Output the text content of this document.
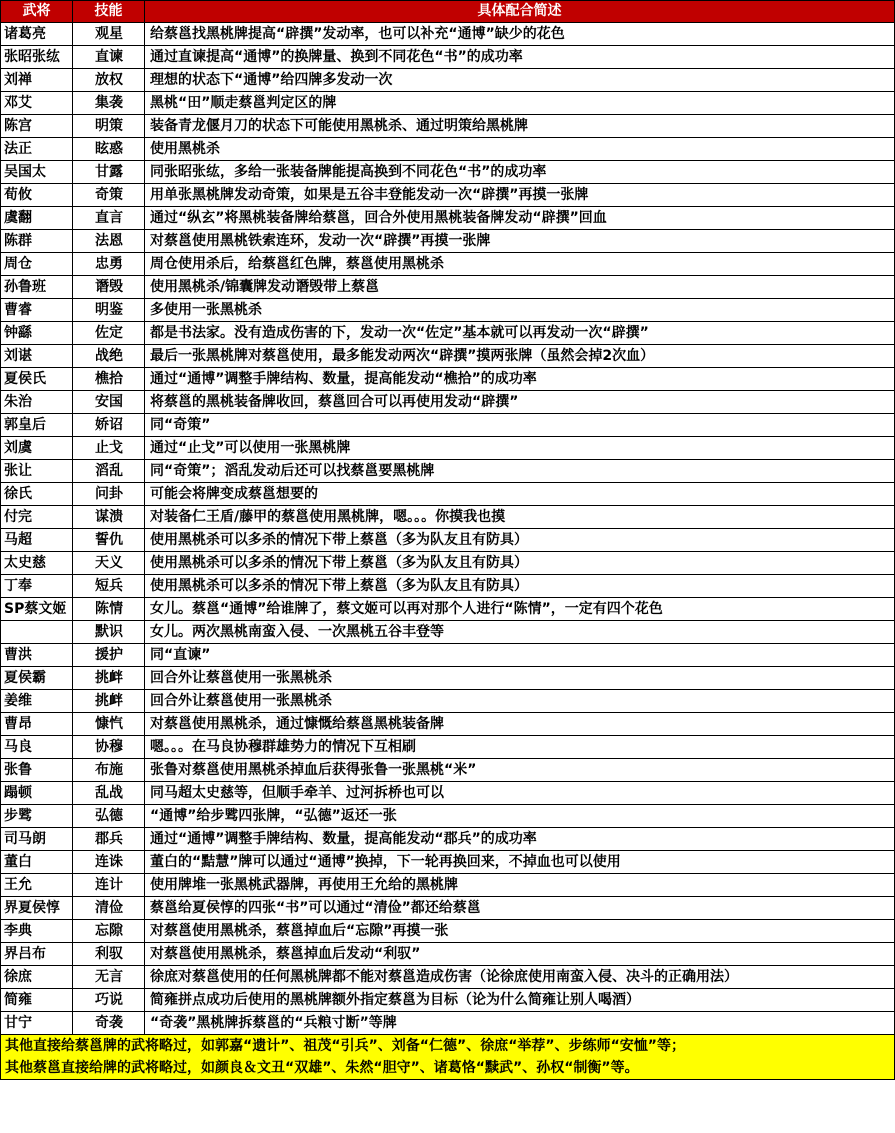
武将	技能	具体配合简述
诸葛亮	观星	给蔡邕找黑桃牌提高“辟撰”发动率，也可以补充“通博”缺少的花色
张昭张纮	直谏	通过直谏提高“通博”的换牌量、换到不同花色“书”的成功率
刘禅	放权	理想的状态下“通博”给四牌多发动一次
邓艾	集袭	黑桃“田”顺走蔡邕判定区的牌
陈宫	明策	装备青龙偃月刀的状态下可能使用黑桃杀、通过明策给黑桃牌
法正	眩惑	使用黑桃杀
吴国太	甘露	同张昭张纮，多给一张装备牌能提高换到不同花色“书”的成功率
荀攸	奇策	用单张黑桃牌发动奇策，如果是五谷丰登能发动一次“辟撰”再摸一张牌
虞翻	直言	通过“纵玄”将黑桃装备牌给蔡邕，回合外使用黑桃装备牌发动“辟撰”回血
陈群	法恩	对蔡邕使用黑桃铁索连环，发动一次“辟撰”再摸一张牌
周仓	忠勇	周仓使用杀后，给蔡邕红色牌，蔡邕使用黑桃杀
孙鲁班	谮毁	使用黑桃杀/锦囊牌发动谮毁带上蔡邕
曹睿	明鉴	多使用一张黑桃杀
钟繇	佐定	都是书法家。没有造成伤害的下，发动一次“佐定”基本就可以再发动一次“辟撰”
刘谌	战绝	最后一张黑桃牌对蔡邕使用，最多能发动两次“辟撰”摸两张牌（虽然会掉2次血）
夏侯氏	樵拾	通过“通博”调整手牌结构、数量，提高能发动“樵拾”的成功率
朱治	安国	将蔡邕的黑桃装备牌收回，蔡邕回合可以再使用发动“辟撰”
郭皇后	娇诏	同“奇策”
刘虞	止戈	通过“止戈”可以使用一张黑桃牌
张让	滔乱	同“奇策”；滔乱发动后还可以找蔡邕要黑桃牌
徐氏	问卦	可能会将牌变成蔡邕想要的
付完	谋溃	对装备仁王盾/藤甲的蔡邕使用黑桃牌，嗯。。。你摸我也摸
马超	誓仇	使用黑桃杀可以多杀的情况下带上蔡邕（多为队友且有防具）
太史慈	天义	使用黑桃杀可以多杀的情况下带上蔡邕（多为队友且有防具）
丁奉	短兵	使用黑桃杀可以多杀的情况下带上蔡邕（多为队友且有防具）
SP蔡文姬	陈情	女儿。蔡邕“通博”给谁牌了，蔡文姬可以再对那个人进行“陈情”，一定有四个花色
	默识	女儿。两次黑桃南蛮入侵、一次黑桃五谷丰登等
曹洪	援护	同“直谏”
夏侯霸	挑衅	回合外让蔡邕使用一张黑桃杀
姜维	挑衅	回合外让蔡邕使用一张黑桃杀
曹昂	慷忾	对蔡邕使用黑桃杀，通过慷慨给蔡邕黑桃装备牌
马良	协穆	嗯。。。在马良协穆群雄势力的情况下互相刷
张鲁	布施	张鲁对蔡邕使用黑桃杀掉血后获得张鲁一张黑桃“米”
蹋顿	乱战	同马超太史慈等，但顺手牵羊、过河拆桥也可以
步骘	弘德	“通博”给步骘四张牌，“弘德”返还一张
司马朗	郡兵	通过“通博”调整手牌结构、数量，提高能发动“郡兵”的成功率
董白	连诛	董白的“黠慧”牌可以通过“通博”换掉，下一轮再换回来，不掉血也可以使用
王允	连计	使用牌堆一张黑桃武器牌，再使用王允给的黑桃牌
界夏侯惇	清俭	蔡邕给夏侯惇的四张“书”可以通过“清俭”都还给蔡邕
李典	忘隙	对蔡邕使用黑桃杀，蔡邕掉血后“忘隙”再摸一张
界吕布	利驭	对蔡邕使用黑桃杀，蔡邕掉血后发动“利驭”
徐庶	无言	徐庶对蔡邕使用的任何黑桃牌都不能对蔡邕造成伤害（论徐庶使用南蛮入侵、决斗的正确用法）
简雍	巧说	简雍拼点成功后使用的黑桃牌额外指定蔡邕为目标（论为什么简雍让别人喝酒）
甘宁	奇袭	“奇袭”黑桃牌拆蔡邕的“兵粮寸断”等牌

其他直接给蔡邕牌的武将略过，如郭嘉“遗计”、祖茂“引兵”、刘备“仁德”、徐庶“举荐”、步练师“安恤”等；
其他蔡邕直接给牌的武将略过，如颜良＆文丑“双雄”、朱然“胆守”、诸葛恪“黩武”、孙权“制衡”等。		
